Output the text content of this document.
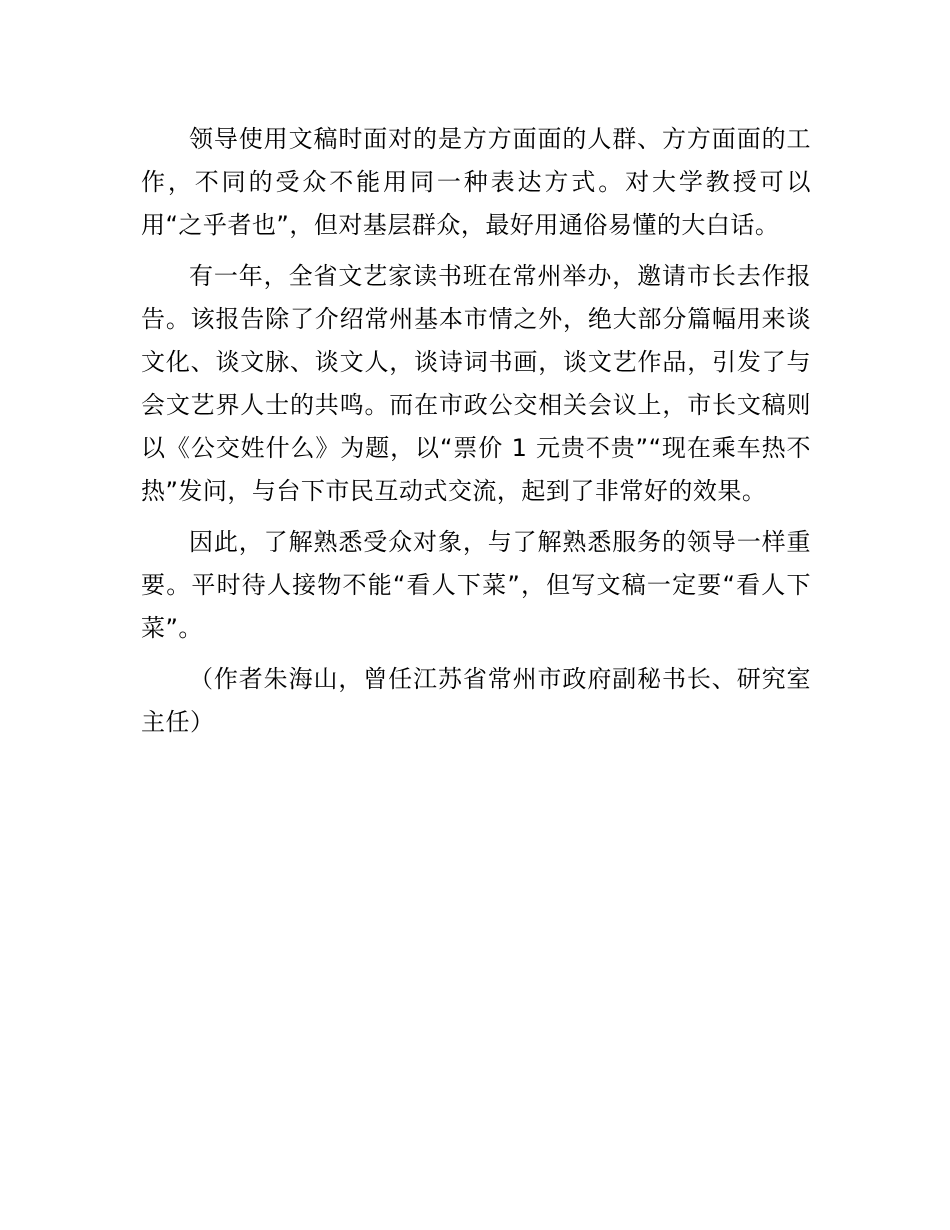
领导使用文稿时面对的是方方面面的人群、方方面面的工作，不同的受众不能用同一种表达方式。对大学教授可以用“之乎者也”，但对基层群众，最好用通俗易懂的大白话。

有一年，全省文艺家读书班在常州举办，邀请市长去作报告。该报告除了介绍常州基本市情之外，绝大部分篇幅用来谈文化、谈文脉、谈文人，谈诗词书画，谈文艺作品，引发了与会文艺界人士的共鸣。而在市政公交相关会议上，市长文稿则以《公交姓什么》为题，以“票价 1 元贵不贵”“现在乘车热不热”发问，与台下市民互动式交流，起到了非常好的效果。

因此，了解熟悉受众对象，与了解熟悉服务的领导一样重要。平时待人接物不能“看人下菜”，但写文稿一定要“看人下菜”。

（作者朱海山，曾任江苏省常州市政府副秘书长、研究室主任）
